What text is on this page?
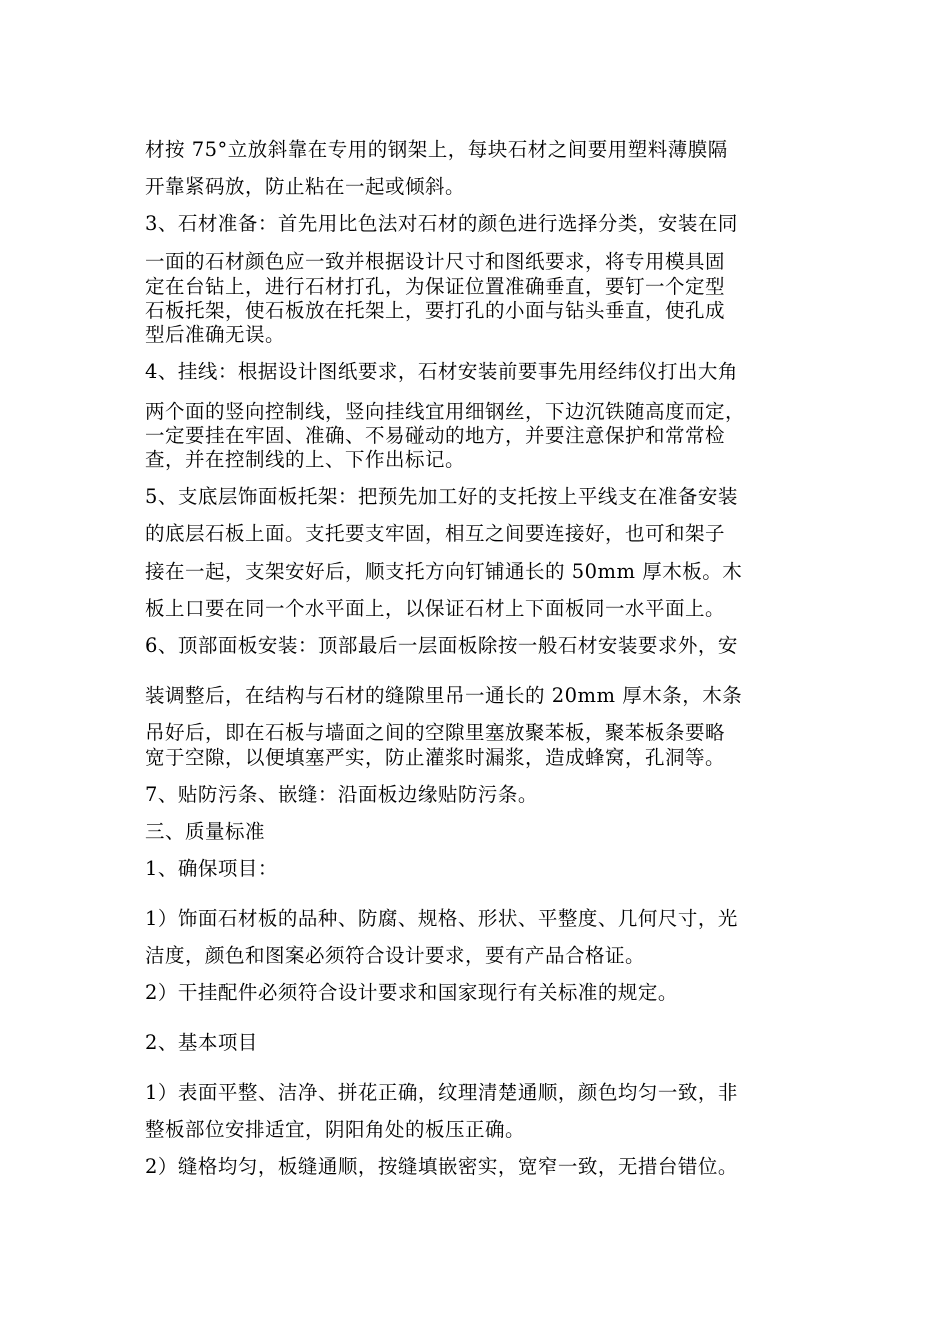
材按 75°立放斜靠在专用的钢架上，每块石材之间要用塑料薄膜隔

开靠紧码放，防止粘在一起或倾斜。

3、石材准备：首先用比色法对石材的颜色进行选择分类，安装在同

一面的石材颜色应一致并根据设计尺寸和图纸要求，将专用模具固

定在台钻上，进行石材打孔，为保证位置准确垂直，要钉一个定型

石板托架，使石板放在托架上，要打孔的小面与钻头垂直，使孔成

型后准确无误。

4、挂线：根据设计图纸要求，石材安装前要事先用经纬仪打出大角

两个面的竖向控制线，竖向挂线宜用细钢丝，下边沉铁随高度而定，

一定要挂在牢固、准确、不易碰动的地方，并要注意保护和常常检

查，并在控制线的上、下作出标记。

5、支底层饰面板托架：把预先加工好的支托按上平线支在准备安装

的底层石板上面。支托要支牢固，相互之间要连接好，也可和架子

接在一起，支架安好后，顺支托方向钉铺通长的 50mm 厚木板。木

板上口要在同一个水平面上，以保证石材上下面板同一水平面上。

6、顶部面板安装：顶部最后一层面板除按一般石材安装要求外，安

装调整后，在结构与石材的缝隙里吊一通长的 20mm 厚木条，木条

吊好后，即在石板与墙面之间的空隙里塞放聚苯板，聚苯板条要略

宽于空隙，以便填塞严实，防止灌浆时漏浆，造成蜂窝，孔洞等。

7、贴防污条、嵌缝：沿面板边缘贴防污条。

三、质量标准

1、确保项目：

1）饰面石材板的品种、防腐、规格、形状、平整度、几何尺寸，光

洁度，颜色和图案必须符合设计要求，要有产品合格证。

2）干挂配件必须符合设计要求和国家现行有关标准的规定。

2、基本项目

1）表面平整、洁净、拼花正确，纹理清楚通顺，颜色均匀一致，非

整板部位安排适宜，阴阳角处的板压正确。

2）缝格均匀，板缝通顺，按缝填嵌密实，宽窄一致，无措台错位。
